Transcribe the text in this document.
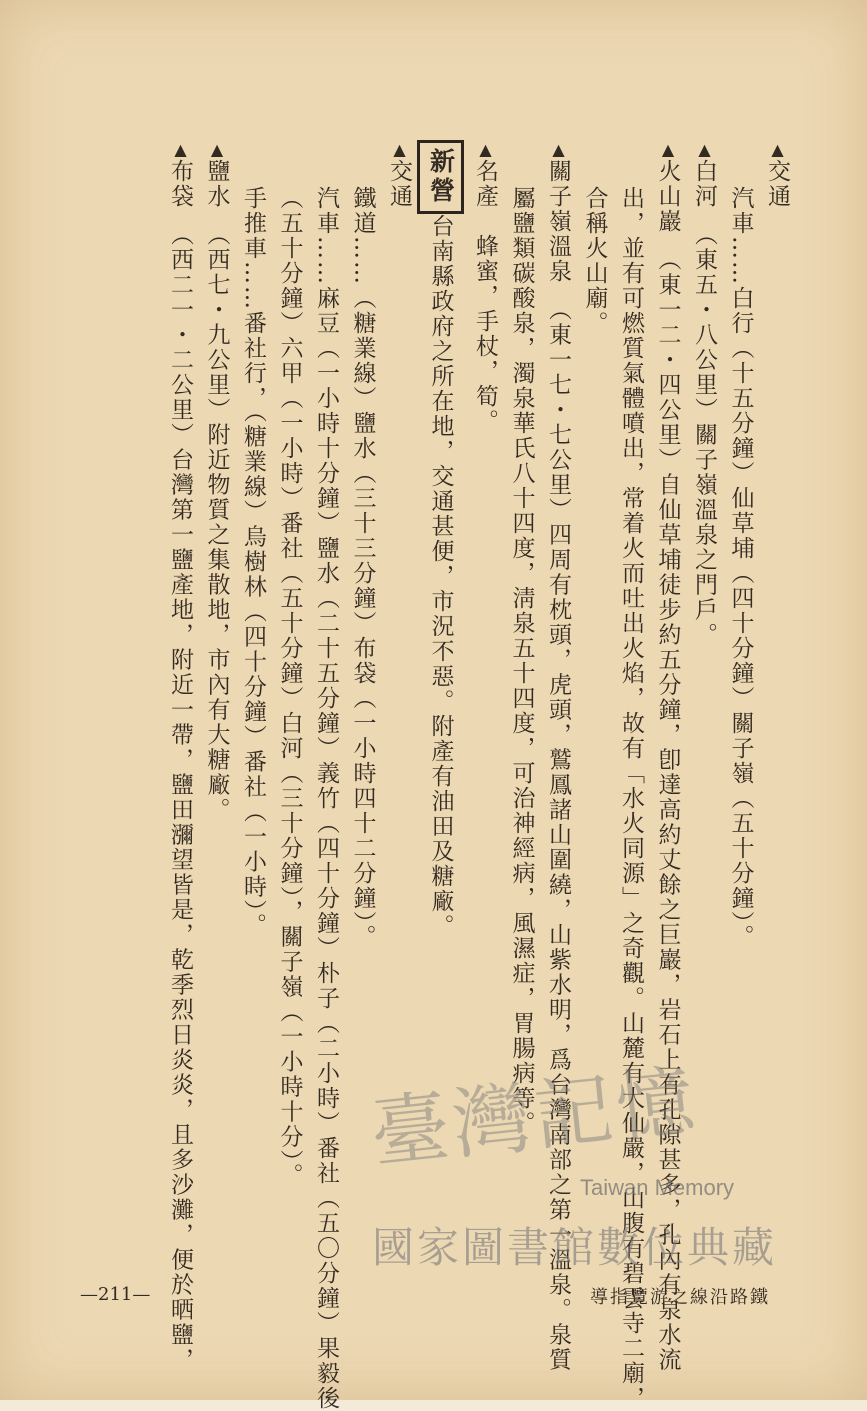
▲交通
汽車……白行（十五分鐘）仙草埔（四十分鐘）關子嶺（五十分鐘）。
▲白河　（東五・八公里）關子嶺溫泉之門戶。
▲火山巖　（東一二・四公里）自仙草埔徒步約五分鐘，卽達高約丈餘之巨巖，岩石上有孔隙甚多，孔內有泉水流
出，並有可燃質氣體噴出，常着火而吐出火焰，故有「水火同源」之奇觀。山麓有大仙嚴，山腹有碧雲寺二廟，
合稱火山廟。
▲關子嶺溫泉　（東一七・七公里）四周有枕頭，虎頭，鷲鳳諸山圍繞，山紫水明，爲台灣南部之第一溫泉。泉質
屬鹽類碳酸泉，濁泉華氏八十四度，淸泉五十四度，可治神經病，風濕症，胃腸病等。
▲名產　蜂蜜，手杖，筍。
新營台南縣政府之所在地，交通甚便，市況不惡。附產有油田及糖廠。
▲交通
鐵道……（糖業線）鹽水（三十三分鐘）布袋（一小時四十二分鐘）。
汽車……麻豆（一小時十分鐘）鹽水（二十五分鐘）義竹（四十分鐘）朴子（二小時）番社（五〇分鐘）果毅後
（五十分鐘）六甲（一小時）番社（五十分鐘）白河（三十分鐘），關子嶺（一小時十分）。
手推車……番社行，（糖業線）烏樹林（四十分鐘）番社（一小時）。
▲鹽水　（西七・九公里）附近物質之集散地，市內有大糖廠。
▲布袋　（西二一・二公里）台灣第一鹽產地，附近一帶，鹽田瀰望皆是，乾季烈日炎炎，且多沙灘，便於晒鹽， 臺灣記憶
Taiwan Memory
國家圖書館數位典藏
—211—	導指覽游之線沿路鐵
